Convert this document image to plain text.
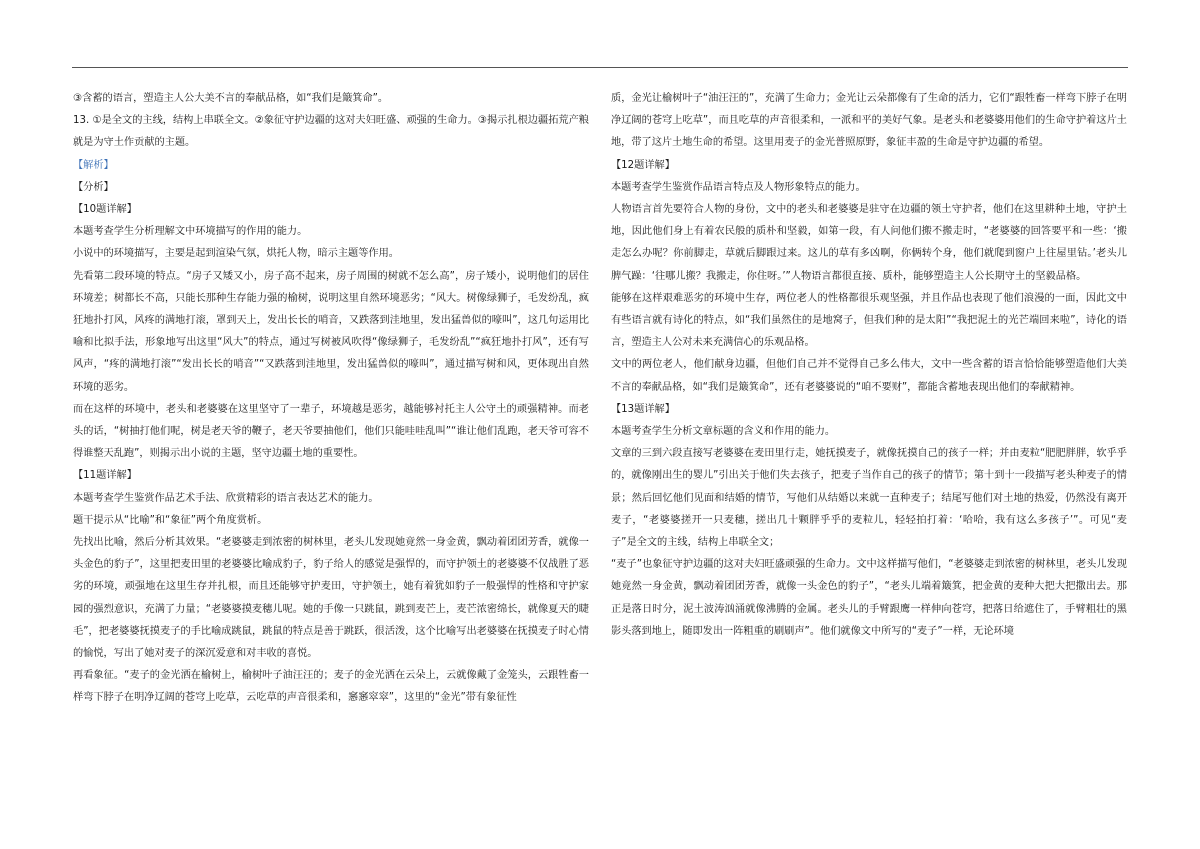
③含蓄的语言，塑造主人公大美不言的奉献品格，如“我们是簸箕命”。

13. ①是全文的主线，结构上串联全文。②象征守护边疆的这对夫妇旺盛、顽强的生命力。③揭示扎根边疆拓荒产粮就是为守土作贡献的主题。

【解析】

【分析】

【10题详解】

本题考查学生分析理解文中环境描写的作用的能力。

小说中的环境描写，主要是起到渲染气氛，烘托人物，暗示主题等作用。

先看第二段环境的特点。“房子又矮又小，房子高不起来，房子周围的树就不怎么高”，房子矮小，说明他们的居住环境差；树都长不高，只能长那种生存能力强的榆树，说明这里自然环境恶劣；“风大。树像绿狮子，毛发纷乱，疯狂地扑打风，风疼的满地打滚，罩到天上，发出长长的哨音，又跌落到洼地里，发出猛兽似的嚎叫”，这几句运用比喻和比拟手法，形象地写出这里“风大”的特点，通过写树被风吹得“像绿狮子，毛发纷乱”“疯狂地扑打风”，还有写风声，“疼的满地打滚”“发出长长的哨音”“又跌落到洼地里，发出猛兽似的嚎叫”，通过描写树和风，更体现出自然环境的恶劣。

而在这样的环境中，老头和老婆婆在这里坚守了一辈子，环境越是恶劣，越能够衬托主人公守土的顽强精神。而老头的话，“树抽打他们呢，树是老天爷的鞭子，老天爷要抽他们，他们只能哇哇乱叫”“谁让他们乱跑，老天爷可容不得谁整天乱跑”，则揭示出小说的主题，坚守边疆土地的重要性。

【11题详解】

本题考查学生鉴赏作品艺术手法、欣赏精彩的语言表达艺术的能力。

题干提示从“比喻”和“象征”两个角度赏析。

先找出比喻，然后分析其效果。“老婆婆走到浓密的树林里，老头儿发现她竟然一身金黄，飘动着团团芳香，就像一头金色的豹子”，这里把麦田里的老婆婆比喻成豹子，豹子给人的感觉是强悍的，而守护领土的老婆婆不仅战胜了恶劣的环境，顽强地在这里生存并扎根，而且还能够守护麦田，守护领土，她有着犹如豹子一般强悍的性格和守护家园的强烈意识，充满了力量；“老婆婆摸麦穗儿呢。她的手像一只跳鼠，跳到麦芒上，麦芒浓密绵长，就像夏天的睫毛”，把老婆婆抚摸麦子的手比喻成跳鼠，跳鼠的特点是善于跳跃，很活泼，这个比喻写出老婆婆在抚摸麦子时心情的愉悦，写出了她对麦子的深沉爱意和对丰收的喜悦。

再看象征。“麦子的金光洒在榆树上，榆树叶子油汪汪的；麦子的金光洒在云朵上，云就像戴了金笼头，云跟牲畜一样弯下脖子在明净辽阔的苍穹上吃草，云吃草的声音很柔和，窸窸窣窣”，这里的“金光”带有象征性

质，金光让榆树叶子“油汪汪的”，充满了生命力；金光让云朵都像有了生命的活力，它们“跟牲畜一样弯下脖子在明净辽阔的苍穹上吃草”，而且吃草的声音很柔和，一派和平的美好气象。是老头和老婆婆用他们的生命守护着这片土地，带了这片土地生命的希望。这里用麦子的金光普照原野，象征丰盈的生命是守护边疆的希望。

【12题详解】

本题考查学生鉴赏作品语言特点及人物形象特点的能力。

人物语言首先要符合人物的身份，文中的老头和老婆婆是驻守在边疆的领土守护者，他们在这里耕种土地，守护土地，因此他们身上有着农民般的质朴和坚毅，如第一段，有人问他们搬不搬走时，“老婆婆的回答要平和一些：‘搬走怎么办呢？你前脚走，草就后脚跟过来。这儿的草有多凶啊，你俩转个身，他们就爬到窗户上往屋里钻。’老头儿脾气躁：‘往哪儿搬？我搬走，你住呀。’”人物语言都很直接、质朴，能够塑造主人公长期守土的坚毅品格。

能够在这样艰难恶劣的环境中生存，两位老人的性格都很乐观坚强，并且作品也表现了他们浪漫的一面，因此文中有些语言就有诗化的特点，如“我们虽然住的是地窝子，但我们种的是太阳”“我把泥土的光芒端回来啦”，诗化的语言，塑造主人公对未来充满信心的乐观品格。

文中的两位老人，他们献身边疆，但他们自己并不觉得自己多么伟大，文中一些含蓄的语言恰恰能够塑造他们大美不言的奉献品格，如“我们是簸箕命”，还有老婆婆说的“咱不要财”，都能含蓄地表现出他们的奉献精神。

【13题详解】

本题考查学生分析文章标题的含义和作用的能力。

文章的三到六段直接写老婆婆在麦田里行走，她抚摸麦子，就像抚摸自己的孩子一样；并由麦粒“肥肥胖胖，软乎乎的，就像刚出生的婴儿”引出关于他们失去孩子，把麦子当作自己的孩子的情节；第十到十一段描写老头种麦子的情景；然后回忆他们见面和结婚的情节，写他们从结婚以来就一直种麦子；结尾写他们对土地的热爱，仍然没有离开麦子，“老婆婆搓开一只麦穗，搓出几十颗胖乎乎的麦粒儿，轻轻拍打着：‘哈哈，我有这么多孩子’”。可见“麦子”是全文的主线，结构上串联全文；

“麦子”也象征守护边疆的这对夫妇旺盛顽强的生命力。文中这样描写他们，“老婆婆走到浓密的树林里，老头儿发现她竟然一身金黄，飘动着团团芳香，就像一头金色的豹子”，“老头儿端着簸箕，把金黄的麦种大把大把撒出去。那正是落日时分，泥土波涛汹涌就像沸腾的金属。老头儿的手臂跟鹰一样伸向苍穹，把落日给遮住了，手臂粗壮的黑影头落到地上，随即发出一阵粗重的刷刷声”。他们就像文中所写的“麦子”一样，无论环境
